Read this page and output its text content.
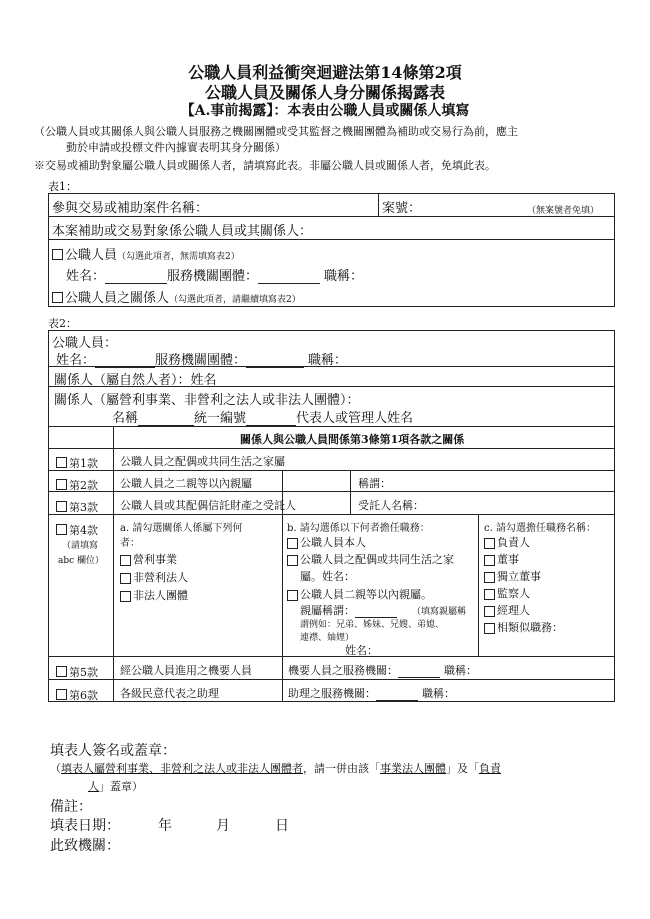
公職人員利益衝突迴避法第14條第2項
公職人員及關係人身分關係揭露表
【A.事前揭露】：本表由公職人員或關係人填寫
（公職人員或其關係人與公職人員服務之機關團體或受其監督之機關團體為補助或交易行為前，應主
動於申請或投標文件內據實表明其身分關係）
※交易或補助對象屬公職人員或關係人者，請填寫此表。非屬公職人員或關係人者，免填此表。
表1：
參與交易或補助案件名稱：	案號：	（無案號者免填）
本案補助或交易對象係公職人員或其關係人：
公職人員（勾選此項者，無需填寫表2）
姓名：	服務機關團體：	職稱：
公職人員之關係人（勾選此項者，請繼續填寫表2）
表2：
公職人員：
姓名：	服務機關團體：	職稱：
關係人（屬自然人者）：姓名
關係人（屬營利事業、非營利之法人或非法人團體）：
名稱	統一編號	代表人或管理人姓名
關係人與公職人員間係第3條第1項各款之關係
第1款 公職人員之配偶或共同生活之家屬
第2款 公職人員之二親等以內親屬	稱謂：
第3款 公職人員或其配偶信託財產之受託人	受託人名稱：
第4款
（請填寫
abc 欄位）
a. 請勾選關係人係屬下列何
者：
營利事業
非營利法人
非法人團體
b. 請勾選係以下何者擔任職務：
公職人員本人
公職人員之配偶或共同生活之家
屬。姓名：
公職人員二親等以內親屬。
親屬稱謂：	（填寫親屬稱
謂例如：兄弟、姊妹、兄嫂、弟媳、
連襟、妯娌）
姓名：
c. 請勾選擔任職務名稱：
負責人
董事
獨立董事
監察人
經理人
相類似職務：
第5款 經公職人員進用之機要人員	機要人員之服務機關：	職稱：
第6款 各級民意代表之助理	助理之服務機關：	職稱：
填表人簽名或蓋章：
（填表人屬營利事業、非營利之法人或非法人團體者，請一併由該「事業法人團體」及「負責
人」蓋章）
備註：
填表日期：	年	月	日
此致機關：
